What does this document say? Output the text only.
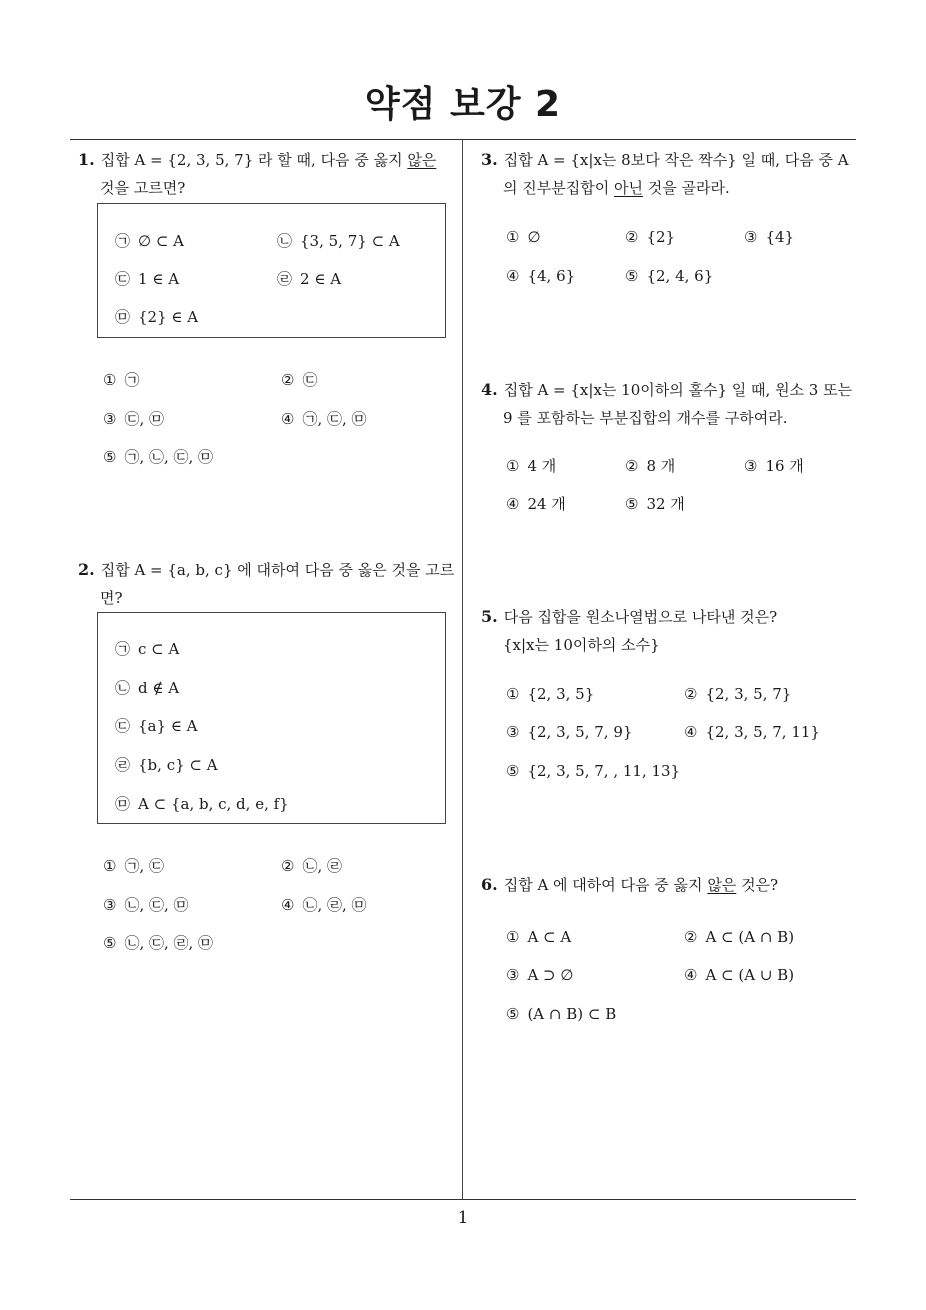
약점 보강 2
1
1. 집합 A = {2, 3, 5, 7} 라 할 때, 다음 중 옳지 않은
것을 고르면?
㉠ ∅ ⊂ A	㉡ {3, 5, 7} ⊂ A
㉢ 1 ∈ A	㉣ 2 ∈ A
㉤ {2} ∈ A
① ㉠	② ㉢
③ ㉢, ㉤	④ ㉠, ㉢, ㉤
⑤ ㉠, ㉡, ㉢, ㉤
2. 집합 A = {a, b, c} 에 대하여 다음 중 옳은 것을 고르
면?
㉠ c ⊂ A
㉡ d ∉ A
㉢ {a} ∈ A
㉣ {b, c} ⊂ A
㉤ A ⊂ {a, b, c, d, e, f}
① ㉠, ㉢	② ㉡, ㉣
③ ㉡, ㉢, ㉤	④ ㉡, ㉣, ㉤
⑤ ㉡, ㉢, ㉣, ㉤
3. 집합 A = {x|x는 8보다 작은 짝수} 일 때, 다음 중 A
의 진부분집합이 아닌 것을 골라라.
① ∅	② {2}	③ {4}
④ {4, 6}	⑤ {2, 4, 6}
4. 집합 A = {x|x는 10이하의 홀수} 일 때, 원소 3 또는
9 를 포함하는 부분집합의 개수를 구하여라.
① 4 개	② 8 개	③ 16 개
④ 24 개	⑤ 32 개
5. 다음 집합을 원소나열법으로 나타낸 것은?
{x|x는 10이하의 소수}
① {2, 3, 5}	② {2, 3, 5, 7}
③ {2, 3, 5, 7, 9}	④ {2, 3, 5, 7, 11}
⑤ {2, 3, 5, 7, , 11, 13}
6. 집합 A 에 대하여 다음 중 옳지 않은 것은?
① A ⊂ A	② A ⊂ (A ∩ B)
③ A ⊃ ∅	④ A ⊂ (A ∪ B)
⑤ (A ∩ B) ⊂ B
